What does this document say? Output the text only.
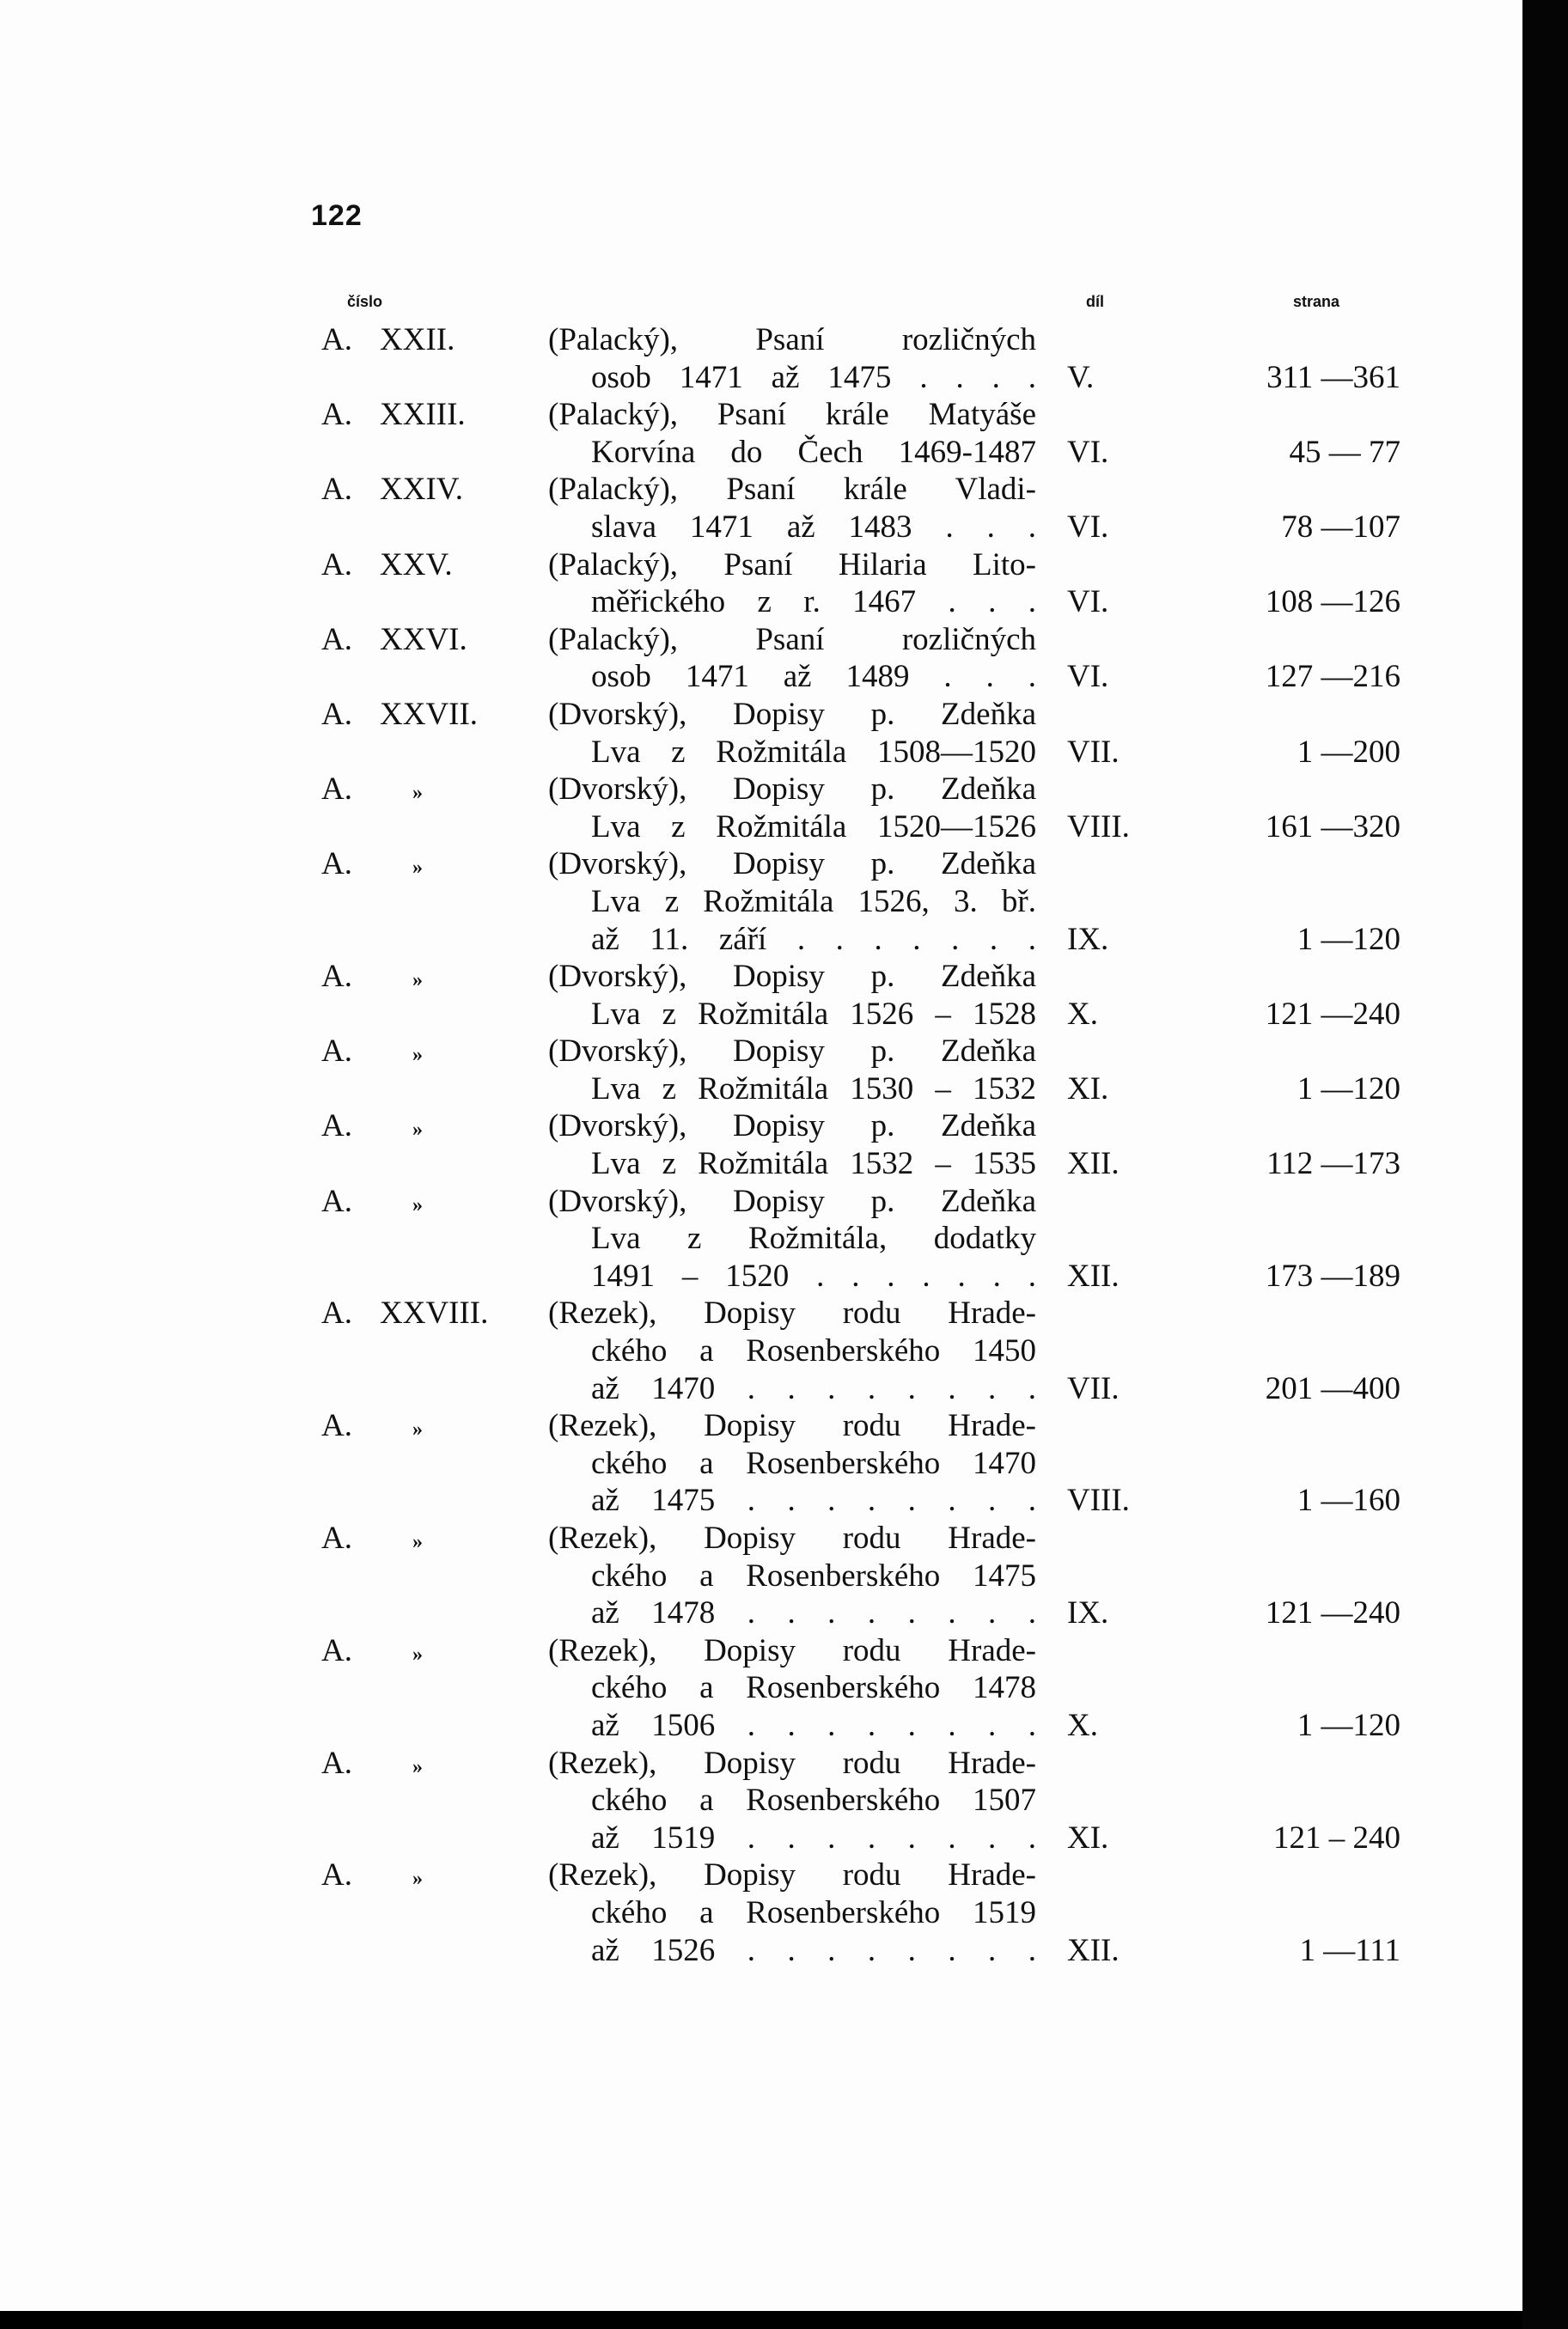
122
číslo	díl	strana
A. XXII.	(Palacký), Psaní rozličných
osob 1471 až 1475 . . . . V.	311 —361
A. XXIII.	(Palacký), Psaní krále Matyáše
Korvína do Čech 1469-1487 VI.	45 — 77
A. XXIV.	(Palacký), Psaní krále Vladi-
slava 1471 až 1483 . . . VI.	78 —107
A. XXV.	(Palacký), Psaní Hilaria Lito-
měřického z r. 1467 . . . VI.	108 —126
A. XXVI.	(Palacký), Psaní rozličných
osob 1471 až 1489 . . . VI.	127 —216
A. XXVII. (Dvorský), Dopisy p. Zdeňka
Lva z Rožmitála 1508—1520 VII.	1 —200
A.	»	(Dvorský), Dopisy p. Zdeňka
Lva z Rožmitála 1520—1526 VIII.	161 —320
A.	»	(Dvorský), Dopisy p. Zdeňka
Lva z Rožmitála 1526, 3. bř.
až 11. září . . . . . . . IX.	1 —120
A.	»	(Dvorský), Dopisy p. Zdeňka
Lva z Rožmitála 1526 – 1528 X.	121 —240
A.	»	(Dvorský), Dopisy p. Zdeňka
Lva z Rožmitála 1530 – 1532 XI.	1 —120
A.	»	(Dvorský), Dopisy p. Zdeňka
Lva z Rožmitála 1532 – 1535 XII.	112 —173
A.	»	(Dvorský), Dopisy p. Zdeňka
Lva z Rožmitála, dodatky
1491 – 1520 . . . . . . . XII.	173 —189
A. XXVIII. (Rezek), Dopisy rodu Hrade-
ckého a Rosenberského 1450
až 1470 . . . . . . . . VII.	201 —400
A.	»	(Rezek), Dopisy rodu Hrade-
ckého a Rosenberského 1470
až 1475 . . . . . . . . VIII.	1 —160
A.	»	(Rezek), Dopisy rodu Hrade-
ckého a Rosenberského 1475
až 1478 . . . . . . . . IX.	121 —240
A.	»	(Rezek), Dopisy rodu Hrade-
ckého a Rosenberského 1478
až 1506 . . . . . . . . X.	1 —120
A.	»	(Rezek), Dopisy rodu Hrade-
ckého a Rosenberského 1507
až 1519 . . . . . . . . XI.	121 – 240
A.	»	(Rezek), Dopisy rodu Hrade-
ckého a Rosenberského 1519
až 1526 . . . . . . . . XII.	1 —111
